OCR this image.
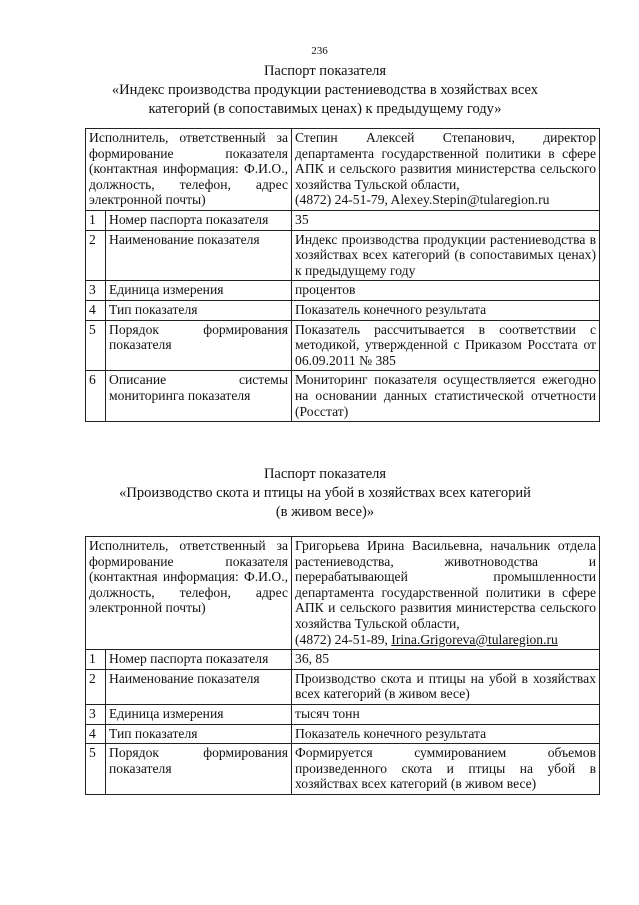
236
Паспорт показателя
«Индекс производства продукции растениеводства в хозяйствах всех
категорий (в сопоставимых ценах) к предыдущему году»
Исполнитель, ответственный за формирование показателя (контактная информация: Ф.И.О., должность, телефон, адрес электронной почты)		Степин Алексей Степанович, директор департамента государственной политики в сфере АПК и сельского развития министерства сельского хозяйства Тульской области,
(4872) 24-51-79, Alexey.Stepin@tularegion.ru

1	Номер паспорта показателя	35
2	Наименование показателя	Индекс производства продукции растениеводства в хозяйствах всех категорий (в сопоставимых ценах) к предыдущему году
3	Единица измерения	процентов
4	Тип показателя	Показатель конечного результата
5	Порядок формирования показателя	Показатель рассчитывается в соответствии с методикой, утвержденной с Приказом Росстата от 06.09.2011 № 385
6	Описание системы мониторинга показателя	Мониторинг показателя осуществляется ежегодно на основании данных статистической отчетности (Росстат)
Паспорт показателя
«Производство скота и птицы на убой в хозяйствах всех категорий
(в живом весе)»
Исполнитель, ответственный за формирование показателя (контактная информация: Ф.И.О., должность, телефон, адрес электронной почты)		Григорьева Ирина Васильевна, начальник отдела растениеводства, животноводства и перерабатывающей промышленности департамента государственной политики в сфере АПК и сельского развития министерства сельского хозяйства Тульской области,
(4872) 24-51-89, Irina.Grigoreva@tularegion.ru

1	Номер паспорта показателя	36, 85
2	Наименование показателя	Производство скота и птицы на убой в хозяйствах всех категорий (в живом весе)
3	Единица измерения	тысяч тонн
4	Тип показателя	Показатель конечного результата
5	Порядок формирования показателя	Формируется суммированием объемов произведенного скота и птицы на убой в хозяйствах всех категорий (в живом весе)
